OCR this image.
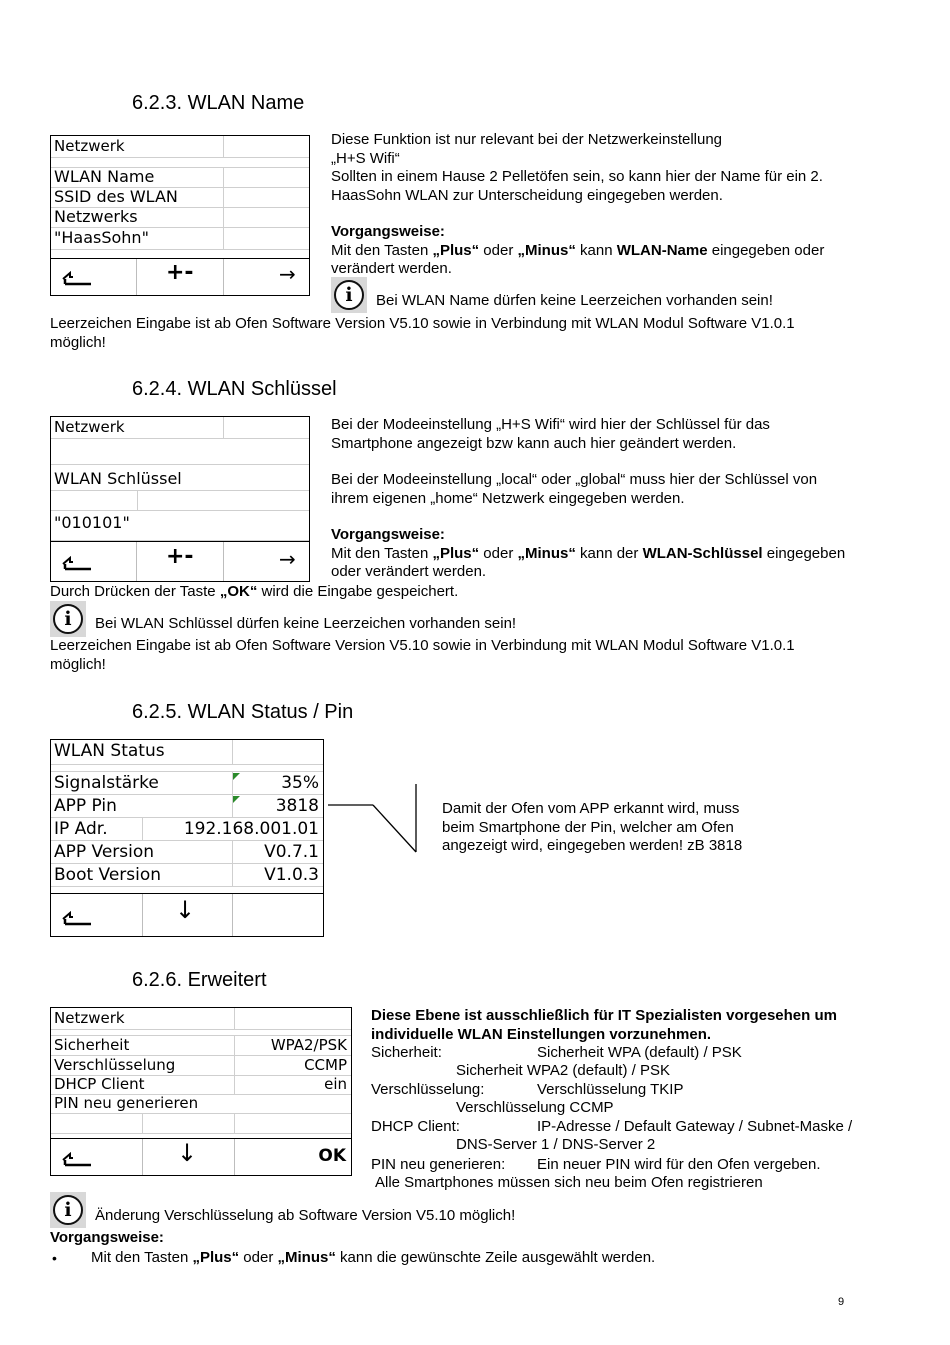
6.2.3. WLAN Name
Netzwerk
WLAN Name
SSID des WLAN
Netzwerks
"HaasSohn"
+-	→
Diese Funktion ist nur relevant bei der Netzwerkeinstellung
„H+S Wifi“
Sollten in einem Hause 2 Pelletöfen sein, so kann hier der Name für ein 2.
HaasSohn WLAN zur Unterscheidung eingegeben werden.
Vorgangsweise:
Mit den Tasten „Plus“ oder „Minus“ kann WLAN-Name eingegeben oder
verändert werden.
i	Bei WLAN Name dürfen keine Leerzeichen vorhanden sein!
Leerzeichen Eingabe ist ab Ofen Software Version V5.10 sowie in Verbindung mit WLAN Modul Software V1.0.1
möglich!
6.2.4. WLAN Schlüssel
Netzwerk
WLAN Schlüssel
"010101"
+-	→
Bei der Modeeinstellung „H+S Wifi“ wird hier der Schlüssel für das
Smartphone angezeigt bzw kann auch hier geändert werden.
Bei der Modeeinstellung „local“ oder „global“ muss hier der Schlüssel von
ihrem eigenen „home“ Netzwerk eingegeben werden.
Vorgangsweise:
Mit den Tasten „Plus“ oder „Minus“ kann der WLAN-Schlüssel eingegeben
oder verändert werden.
Durch Drücken der Taste „OK“ wird die Eingabe gespeichert.
i	Bei WLAN Schlüssel dürfen keine Leerzeichen vorhanden sein!
Leerzeichen Eingabe ist ab Ofen Software Version V5.10 sowie in Verbindung mit WLAN Modul Software V1.0.1
möglich!
6.2.5. WLAN Status / Pin
WLAN Status
Signalstärke	35%
APP Pin	3818
IP Adr.	192.168.001.01
APP Version	V0.7.1
Boot Version	V1.0.3
↓
Damit der Ofen vom APP erkannt wird, muss
beim Smartphone der Pin, welcher am Ofen
angezeigt wird, eingegeben werden! zB 3818
6.2.6. Erweitert
Netzwerk
Sicherheit	WPA2/PSK
Verschlüsselung	CCMP
DHCP Client	ein
PIN neu generieren
↓	OK
Diese Ebene ist ausschließlich für IT Spezialisten vorgesehen um
individuelle WLAN Einstellungen vorzunehmen.
Sicherheit:	Sicherheit WPA (default) / PSK
Sicherheit WPA2 (default) / PSK
Verschlüsselung:	Verschlüsselung TKIP
Verschlüsselung CCMP
DHCP Client:	IP-Adresse / Default Gateway / Subnet-Maske /
DNS-Server 1 / DNS-Server 2
PIN neu generieren: Ein neuer PIN wird für den Ofen vergeben.
Alle Smartphones müssen sich neu beim Ofen registrieren
i	Änderung Verschlüsselung ab Software Version V5.10 möglich!
Vorgangsweise:
• Mit den Tasten „Plus“ oder „Minus“ kann die gewünschte Zeile ausgewählt werden.
9
